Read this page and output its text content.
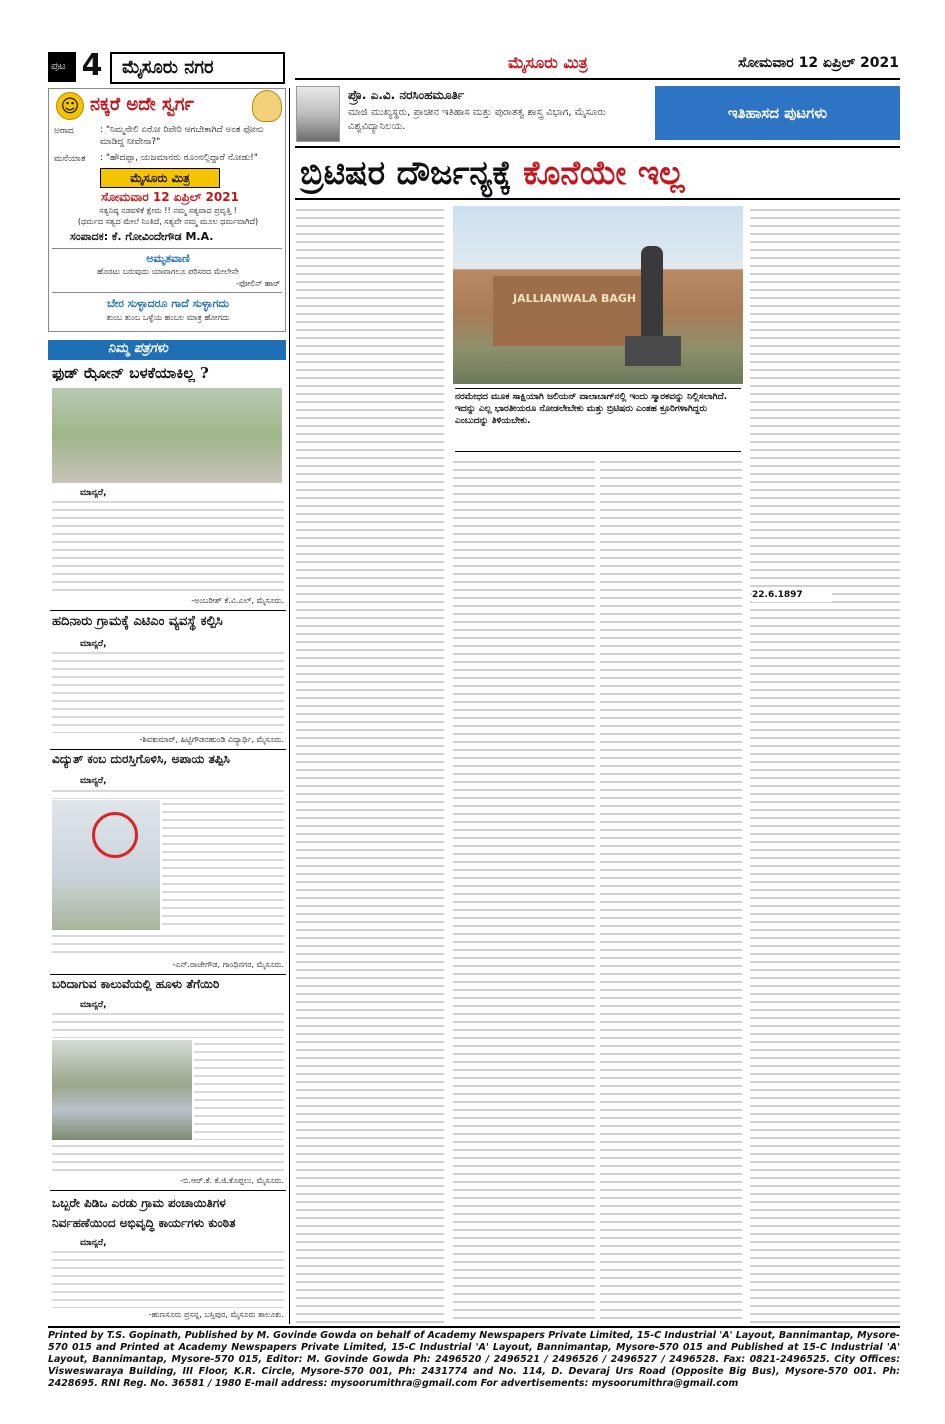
ಪುಟ 4	ಮೈಸೂರು ನಗರ	ಮೈಸೂರು ಮಿತ್ರ	ಸೋಮವಾರ 12 ಏಪ್ರಿಲ್ 2021
☺ ನಕ್ಕರೆ ಅದೇ ಸ್ವರ್ಗ
ಅರಾದ	: "ನಿಮ್ಮನೇಲಿ ಏರೋ ರಿಪೇರಿ ಆಗಬೇಕಾಗಿದೆ ಅಂತ ಫೋನು ಮಾಡಿದ್ದ ನೀವೇನಾ?"
ಮನೆಯಾತ	: "ಹೌದಪ್ಪಾ, ಯಜಮಾನರು ರೂಂನಲ್ಲಿದ್ದಾರೆ ನೋಡು!"
ಮೈಸೂರು ಮಿತ್ರ
ಸೋಮವಾರ 12 ಏಪ್ರಿಲ್ 2021
ಸತ್ಯನಿಷ್ಠ ನಡವಳಿಕೆ ಕ್ಷೇಮ !! ನಮ್ಮ ಸತ್ಯವಾದ ಪ್ರವೃತ್ತಿ !
(ಧರ್ಮದ ಸತ್ವದ ಮೇಲೆ ನಿಂತಿದೆ, ಸತ್ಯವೇ ನಮ್ಮ ಮೂಲ ಧರ್ಮವಾಗಿದೆ)
ಸಂಪಾದಕ: ಕೆ. ಗೋವಿಂದೇಗೌಡ M.A.
ಅಮೃತವಾಣಿ
ಹೊರಟು ಬರುವುದು ಯಾವಾಗಲೂ ಪರಿಸರದ ಮೇಲೇನೇ
-ಫೋಲಿನ್ ಹಾರ್
ಬೇರ ಸುಳ್ಳಾದರೂ ಗಾದೆ ಸುಳ್ಳಾಗದು
ತುಂಬ ತುಂಬ ಒಳ್ಳೆಯ ಹಂಬಲ ಮಾತ್ರ ಹೋಗದು
ನಿಮ್ಮ ಪತ್ರಗಳು
ಫುಡ್ ಝೋನ್ ಬಳಕೆಯಾಕಿಲ್ಲ ?
ಮಾನ್ಯರೆ,
-ಅಂಬರೀಶ್ ಕೆ.ವಿ.ಎಲ್, ಮೈಸೂರು.
ಹದಿನಾರು ಗ್ರಾಮಕ್ಕೆ ಎಟಿಎಂ ವ್ಯವಸ್ಥೆ ಕಲ್ಪಿಸಿ
ಮಾನ್ಯರೆ,
-ಶಿವಕುಮಾರ್, ಹಿಟ್ಟಿಗೌಡನಹುಂಡಿ ವಿದ್ಯಾರ್ಥಿ, ಮೈಸೂರು.
ವಿದ್ಯುತ್ ಕಂಬ ದುರಸ್ತಿಗೊಳಿಸಿ, ಅಪಾಯ ತಪ್ಪಿಸಿ
ಮಾನ್ಯರೆ,
-ಎನ್.ರಾಜೇಗೌಡ, ಗಾಂಧಿನಗರ, ಮೈಸೂರು.
ಬರಿದಾಗುವ ಕಾಲುವೆಯಲ್ಲಿ ಹೂಳು ತೆಗೆಯಿರಿ
ಮಾನ್ಯರೆ,
-ಬಿ.ಆರ್.ಕೆ. ಕೆ.ಜಿ.ಕೊಪ್ಪಲು, ಮೈಸೂರು.
ಒಬ್ಬರೇ ಪಿಡಿಒ ಎರಡು ಗ್ರಾಮ ಪಂಚಾಯಿತಿಗಳ ನಿರ್ವಹಣೆಯಿಂದ ಅಭಿವೃದ್ಧಿ ಕಾರ್ಯಗಳು ಕುಂಠಿತ
ಮಾನ್ಯರೆ,
-ಹುಣಸೂರು ಪ್ರಸನ್ನ, ಬಸ್ತಿಪುರ, ಮೈಸೂರು ತಾಲೂಕು.
ಪ್ರೊ. ಎ.ವಿ. ನರಸಿಂಹಮೂರ್ತಿ
ಮಾಜಿ ಮುಖ್ಯಸ್ಥರು, ಪ್ರಾಚೀನ ಇತಿಹಾಸ ಮತ್ತು ಪುರಾತತ್ವ ಶಾಸ್ತ್ರ ವಿಭಾಗ, ಮೈಸೂರು ವಿಶ್ವವಿದ್ಯಾನಿಲಯ.
ಇತಿಹಾಸದ ಪುಟಗಳು
ಬ್ರಿಟಿಷರ ದೌರ್ಜನ್ಯಕ್ಕೆ ಕೊನೆಯೇ ಇಲ್ಲ
JALLIANWALA BAGH
ನರಮೇಧದ ಮೂಕ ಸಾಕ್ಷಿಯಾಗಿ ಜಲಿಯನ್ ವಾಲಾಬಾಗ್‌ನಲ್ಲಿ ಇಂದು ಸ್ಮಾರಕವನ್ನು ನಿಲ್ಲಿಸಲಾಗಿದೆ. ಇದನ್ನು ಎಲ್ಲ ಭಾರತೀಯರೂ ನೋಡಲೇಬೇಕು ಮತ್ತು ಬ್ರಿಟಿಷರು ಎಂತಹ ಕ್ರೂರಿಗಳಾಗಿದ್ದರು ಎಂಬುದನ್ನು ತಿಳಿಯಬೇಕು.
22.6.1897
Printed by T.S. Gopinath, Published by M. Govinde Gowda on behalf of Academy Newspapers Private Limited, 15-C Industrial 'A' Layout, Bannimantap, Mysore-570 015 and Printed at Academy Newspapers Private Limited, 15-C Industrial 'A' Layout, Bannimantap, Mysore-570 015 and Published at 15-C Industrial 'A' Layout, Bannimantap, Mysore-570 015, Editor: M. Govinde Gowda Ph: 2496520 / 2496521 / 2496526 / 2496527 / 2496528. Fax: 0821-2496525. City Offices: Visweswaraya Building, III Floor, K.R. Circle, Mysore-570 001, Ph: 2431774 and No. 114, D. Devaraj Urs Road (Opposite Big Bus), Mysore-570 001. Ph: 2428695. RNI Reg. No. 36581 / 1980 E-mail address: mysoorumithra@gmail.com For advertisements: mysoorumithra@gmail.com
